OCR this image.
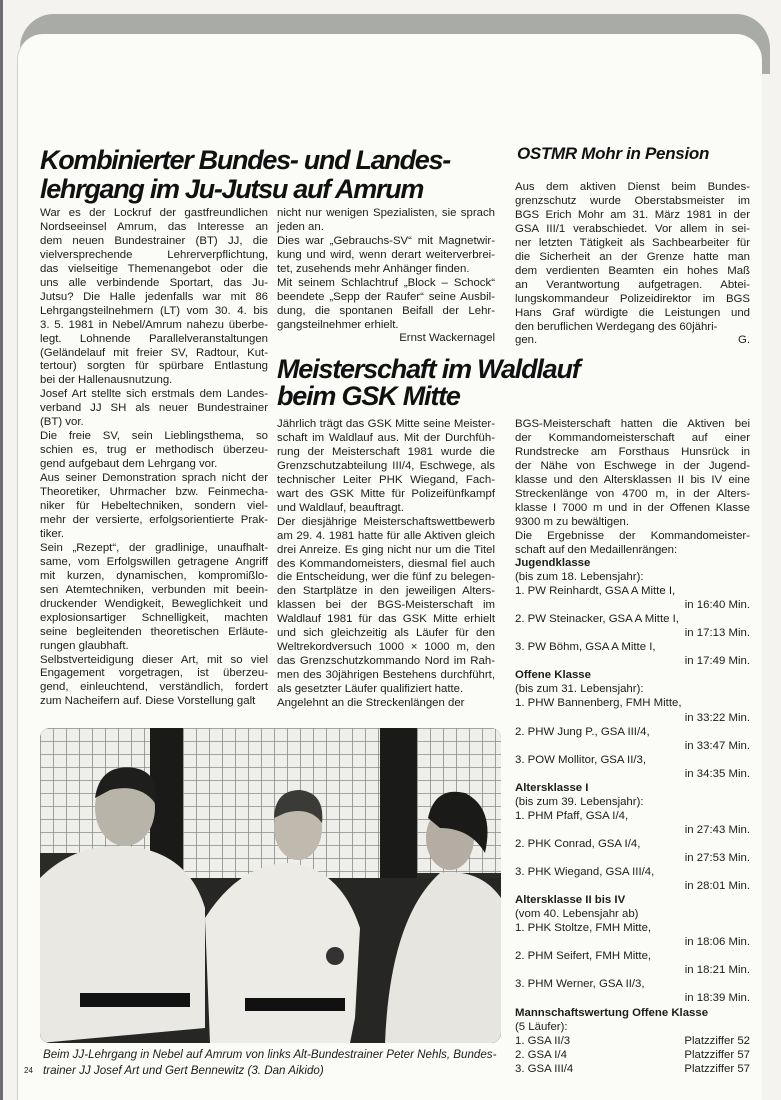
Kombinierter Bundes- und Landes-
lehrgang im Ju-Jutsu auf Amrum
War es der Lockruf der gastfreundlichen
Nordseeinsel Amrum, das Interesse an
dem neuen Bundestrainer (BT) JJ, die
vielversprechende Lehrerverpflichtung,
das vielseitige Themenangebot oder die
uns alle verbindende Sportart, das Ju-
Jutsu? Die Halle jedenfalls war mit 86
Lehrgangsteilnehmern (LT) vom 30. 4. bis
3. 5. 1981 in Nebel/Amrum nahezu überbe-
legt. Lohnende Parallelveranstaltungen
(Geländelauf mit freier SV, Radtour, Kut-
tertour) sorgten für spürbare Entlastung
bei der Hallenausnutzung.
Josef Art stellte sich erstmals dem Landes-
verband JJ SH als neuer Bundestrainer
(BT) vor.
Die freie SV, sein Lieblingsthema, so
schien es, trug er methodisch überzeu-
gend aufgebaut dem Lehrgang vor.
Aus seiner Demonstration sprach nicht der
Theoretiker, Uhrmacher bzw. Feinmecha-
niker für Hebeltechniken, sondern viel-
mehr der versierte, erfolgsorientierte Prak-
tiker.
Sein „Rezept“, der gradlinige, unaufhalt-
same, vom Erfolgswillen getragene Angriff
mit kurzen, dynamischen, kompromißlo-
sen Atemtechniken, verbunden mit beein-
druckender Wendigkeit, Beweglichkeit und
explosionsartiger Schnelligkeit, machten
seine begleitenden theoretischen Erläute-
rungen glaubhaft.
Selbstverteidigung dieser Art, mit so viel
Engagement vorgetragen, ist überzeu-
gend, einleuchtend, verständlich, fordert
zum Nacheifern auf. Diese Vorstellung galt
nicht nur wenigen Spezialisten, sie sprach
jeden an.
Dies war „Gebrauchs-SV“ mit Magnetwir-
kung und wird, wenn derart weiterverbrei-
tet, zusehends mehr Anhänger finden.
Mit seinem Schlachtruf „Block – Schock“
beendete „Sepp der Raufer“ seine Ausbil-
dung, die spontanen Beifall der Lehr-
gangsteilnehmer erhielt.
Ernst Wackernagel
OSTMR Mohr in Pension
Aus dem aktiven Dienst beim Bundes-
grenzschutz wurde Oberstabsmeister im
BGS Erich Mohr am 31. März 1981 in der
GSA III/1 verabschiedet. Vor allem in sei-
ner letzten Tätigkeit als Sachbearbeiter für
die Sicherheit an der Grenze hatte man
dem verdienten Beamten ein hohes Maß
an Verantwortung aufgetragen. Abtei-
lungskommandeur Polizeidirektor im BGS
Hans Graf würdigte die Leistungen und
den beruflichen Werdegang des 60jähri-
gen.	G.
Meisterschaft im Waldlauf
beim GSK Mitte
Jährlich trägt das GSK Mitte seine Meister-
schaft im Waldlauf aus. Mit der Durchfüh-
rung der Meisterschaft 1981 wurde die
Grenzschutzabteilung III/4, Eschwege, als
technischer Leiter PHK Wiegand, Fach-
wart des GSK Mitte für Polizeifünfkampf
und Waldlauf, beauftragt.
Der diesjährige Meisterschaftswettbewerb
am 29. 4. 1981 hatte für alle Aktiven gleich
drei Anreize. Es ging nicht nur um die Titel
des Kommandomeisters, diesmal fiel auch
die Entscheidung, wer die fünf zu belegen-
den Startplätze in den jeweiligen Alters-
klassen bei der BGS-Meisterschaft im
Waldlauf 1981 für das GSK Mitte erhielt
und sich gleichzeitig als Läufer für den
Weltrekordversuch 1000 × 1000 m, den
das Grenzschutzkommando Nord im Rah-
men des 30jährigen Bestehens durchführt,
als gesetzter Läufer qualifiziert hatte.
Angelehnt an die Streckenlängen der
BGS-Meisterschaft hatten die Aktiven bei
der Kommandomeisterschaft auf einer
Rundstrecke am Forsthaus Hunsrück in
der Nähe von Eschwege in der Jugend-
klasse und den Altersklassen II bis IV eine
Streckenlänge von 4700 m, in der Alters-
klasse I 7000 m und in der Offenen Klasse
9300 m zu bewältigen.
Die Ergebnisse der Kommandomeister-
schaft auf den Medaillenrängen:
Jugendklasse
(bis zum 18. Lebensjahr):
1. PW Reinhardt, GSA A Mitte I,
in 16:40 Min.
2. PW Steinacker, GSA A Mitte I,
in 17:13 Min.
3. PW Böhm, GSA A Mitte I,
in 17:49 Min.
Offene Klasse
(bis zum 31. Lebensjahr):
1. PHW Bannenberg, FMH Mitte,
in 33:22 Min.
2. PHW Jung P., GSA III/4,
in 33:47 Min.
3. POW Mollitor, GSA II/3,
in 34:35 Min.
Altersklasse I
(bis zum 39. Lebensjahr):
1. PHM Pfaff, GSA I/4,
in 27:43 Min.
2. PHK Conrad, GSA I/4,
in 27:53 Min.
3. PHK Wiegand, GSA III/4,
in 28:01 Min.
Altersklasse II bis IV
(vom 40. Lebensjahr ab)
1. PHK Stoltze, FMH Mitte,
in 18:06 Min.
2. PHM Seifert, FMH Mitte,
in 18:21 Min.
3. PHM Werner, GSA II/3,
in 18:39 Min.
Mannschaftswertung Offene Klasse
(5 Läufer):
1. GSA II/3	Platzziffer 52
2. GSA I/4	Platzziffer 57
3. GSA III/4	Platzziffer 57
Beim JJ-Lehrgang in Nebel auf Amrum von links Alt-Bundestrainer Peter Nehls, Bundes-
trainer JJ Josef Art und Gert Bennewitz (3. Dan Aikido)
24
